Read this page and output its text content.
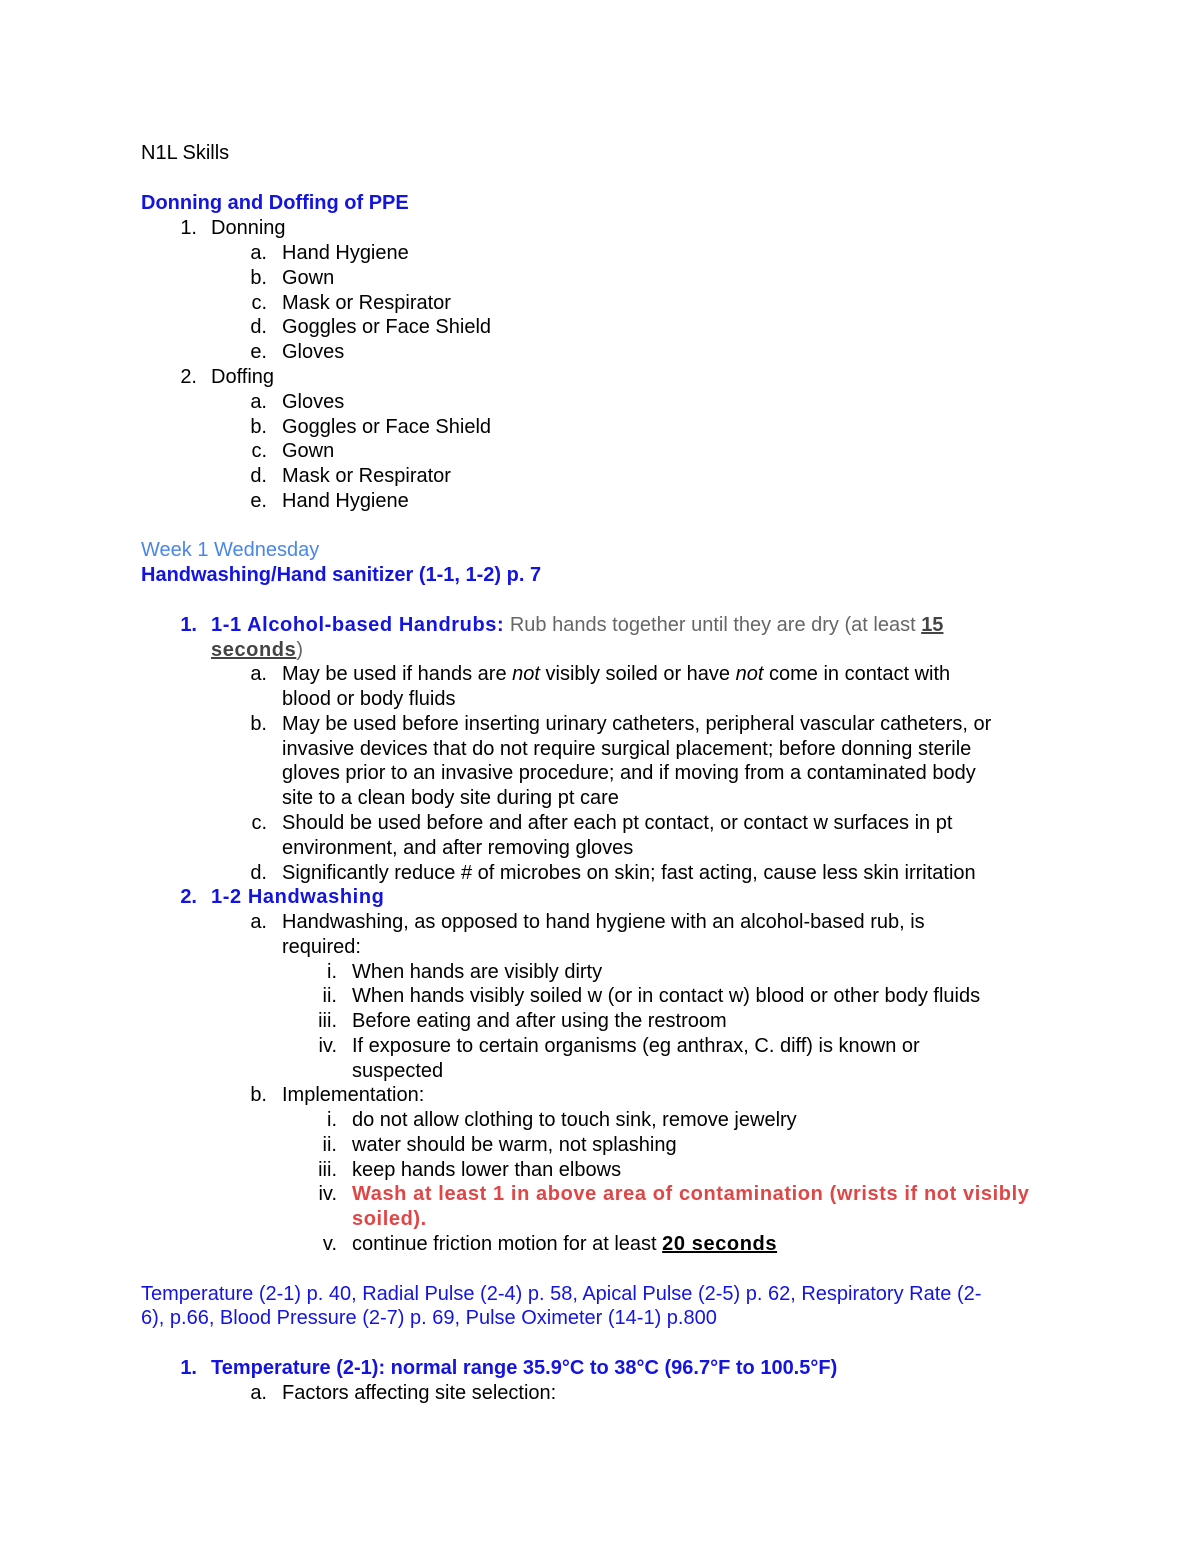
N1L Skills
Donning and Doffing of PPE
1. Donning
a. Hand Hygiene
b. Gown
c. Mask or Respirator
d. Goggles or Face Shield
e. Gloves
2. Doffing
a. Gloves
b. Goggles or Face Shield
c. Gown
d. Mask or Respirator
e. Hand Hygiene
Week 1 Wednesday
Handwashing/Hand sanitizer (1-1, 1-2) p. 7
1. 1-1 Alcohol-based Handrubs: Rub hands together until they are dry (at least 15
seconds)
a. May be used if hands are not visibly soiled or have not come in contact with
blood or body fluids
b. May be used before inserting urinary catheters, peripheral vascular catheters, or
invasive devices that do not require surgical placement; before donning sterile
gloves prior to an invasive procedure; and if moving from a contaminated body
site to a clean body site during pt care
c. Should be used before and after each pt contact, or contact w surfaces in pt
environment, and after removing gloves
d. Significantly reduce # of microbes on skin; fast acting, cause less skin irritation
2. 1-2 Handwashing
a. Handwashing, as opposed to hand hygiene with an alcohol-based rub, is
required:
i. When hands are visibly dirty
ii. When hands visibly soiled w (or in contact w) blood or other body fluids
iii. Before eating and after using the restroom
iv. If exposure to certain organisms (eg anthrax, C. diff) is known or
suspected
b. Implementation:
i. do not allow clothing to touch sink, remove jewelry
ii. water should be warm, not splashing
iii. keep hands lower than elbows
iv. Wash at least 1 in above area of contamination (wrists if not visibly
soiled).
v. continue friction motion for at least 20 seconds
Temperature (2-1) p. 40, Radial Pulse (2-4) p. 58, Apical Pulse (2-5) p. 62, Respiratory Rate (2-
6), p.66, Blood Pressure (2-7) p. 69, Pulse Oximeter (14-1) p.800
1. Temperature (2-1): normal range 35.9°C to 38°C (96.7°F to 100.5°F)
a. Factors affecting site selection:
